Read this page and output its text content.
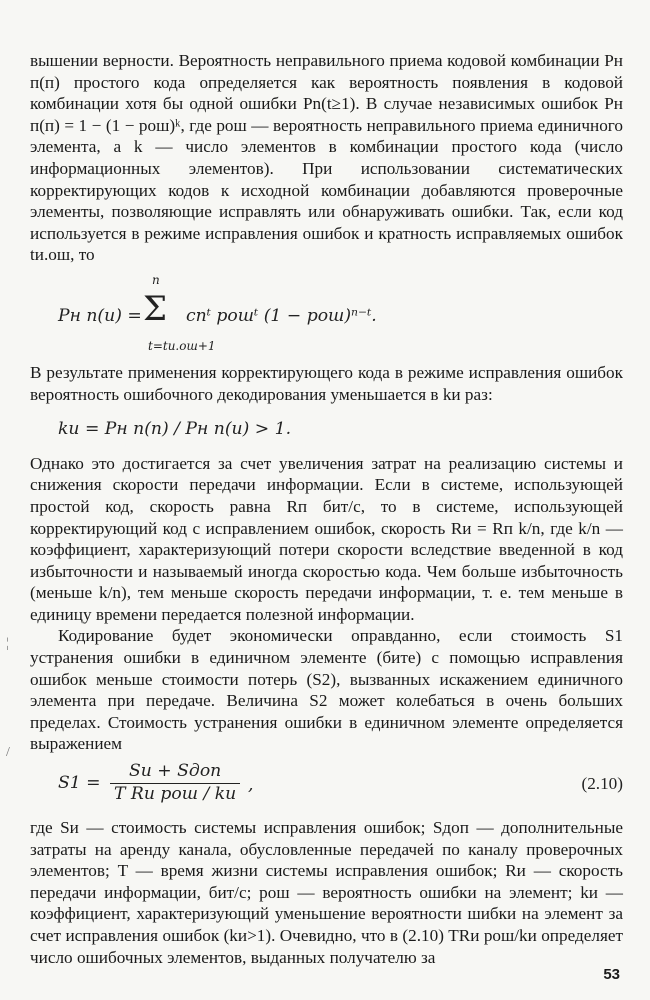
¦
/

вышении верности. Вероятность неправильного приема кодовой комбинации Pн п(п) простого кода определяется как вероятность появления в кодовой комбинации хотя бы одной ошибки Pn(t≥1). В случае независимых ошибок Pн п(п) = 1 − (1 − pош)ᵏ, где pош — вероятность неправильного приема единичного элемента, а k — число элементов в комбинации простого кода (число информационных элементов). При использовании систематических корректирующих кодов к исходной комбинации добавляются проверочные элементы, позволяющие исправлять или обнаруживать ошибки. Так, если код используется в режиме исправления ошибок и кратность исправляемых ошибок tи.ош, то

Pн п(и) =
n
Σ
t=tи.ош+1
cnᵗ pошᵗ (1 − pош)ⁿ⁻ᵗ.

В результате применения корректирующего кода в режиме исправления ошибок вероятность ошибочного декодирования уменьшается в kи раз:

kи = Pн п(п) / Pн п(и) > 1.

Однако это достигается за счет увеличения затрат на реализацию системы и снижения скорости передачи информации. Если в системе, использующей простой код, скорость равна Rп бит/с, то в системе, использующей корректирующий код с исправлением ошибок, скорость Rи = Rп k/n, где k/n — коэффициент, характеризующий потери скорости вследствие введенной в код избыточности и называемый иногда скоростью кода. Чем больше избыточность (меньше k/n), тем меньше скорость передачи информации, т. е. тем меньше в единицу времени передается полезной информации.

Кодирование будет экономически оправданно, если стоимость S1 устранения ошибки в единичном элементе (бите) с помощью исправления ошибок меньше стоимости потерь (S2), вызванных искажением единичного элемента при передаче. Величина S2 может колебаться в очень больших пределах. Стоимость устранения ошибки в единичном элементе определяется выражением

S1 =
Sи + Sдоп
T Rи pош / kи ,	(2.10)

где Sи — стоимость системы исправления ошибок; Sдоп — дополнительные затраты на аренду канала, обусловленные передачей по каналу проверочных элементов; T — время жизни системы исправления ошибок; Rи — скорость передачи информации, бит/с; pош — вероятность ошибки на элемент; kи — коэффициент, характеризующий уменьшение вероятности шибки на элемент за счет исправления ошибок (kи>1). Очевидно, что в (2.10) TRи pош/kи определяет число ошибочных элементов, выданных получателю за

53
